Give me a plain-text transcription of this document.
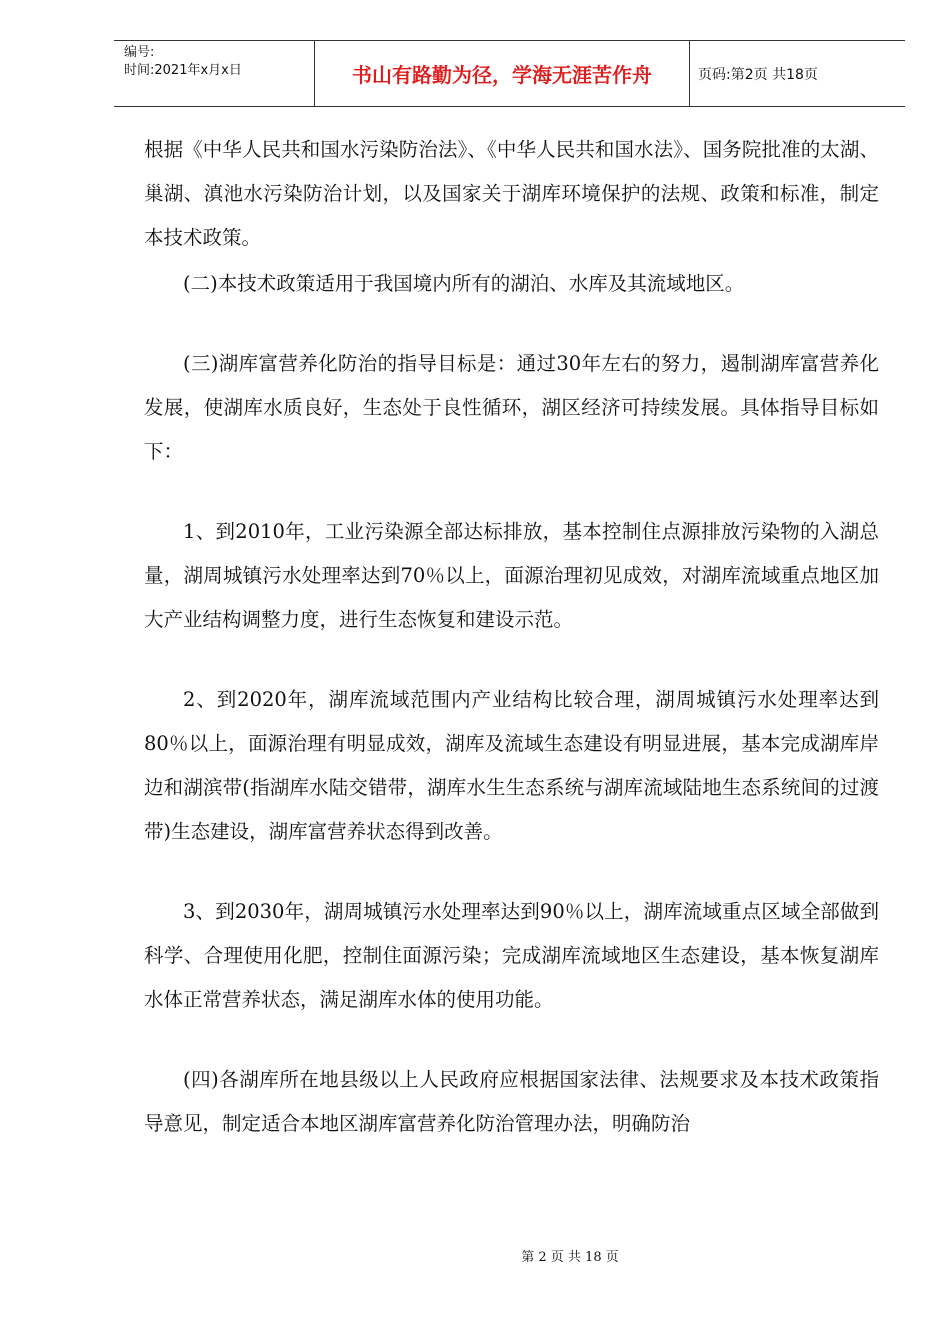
编号:
时间:2021年x月x日	书山有路勤为径，学海无涯苦作舟	页码:第2页 共18页

根据《中华人民共和国水污染防治法》、《中华人民共和国水法》、国务院批准的太湖、巢湖、滇池水污染防治计划，以及国家关于湖库环境保护的法规、政策和标准，制定本技术政策。

(二)本技术政策适用于我国境内所有的湖泊、水库及其流域地区。

(三)湖库富营养化防治的指导目标是：通过30年左右的努力，遏制湖库富营养化发展，使湖库水质良好，生态处于良性循环，湖区经济可持续发展。具体指导目标如下：

1、到2010年，工业污染源全部达标排放，基本控制住点源排放污染物的入湖总量，湖周城镇污水处理率达到70％以上，面源治理初见成效，对湖库流域重点地区加大产业结构调整力度，进行生态恢复和建设示范。

2、到2020年，湖库流域范围内产业结构比较合理，湖周城镇污水处理率达到80％以上，面源治理有明显成效，湖库及流域生态建设有明显进展，基本完成湖库岸边和湖滨带(指湖库水陆交错带，湖库水生生态系统与湖库流域陆地生态系统间的过渡带)生态建设，湖库富营养状态得到改善。

3、到2030年，湖周城镇污水处理率达到90％以上，湖库流域重点区域全部做到科学、合理使用化肥，控制住面源污染；完成湖库流域地区生态建设，基本恢复湖库水体正常营养状态，满足湖库水体的使用功能。

(四)各湖库所在地县级以上人民政府应根据国家法律、法规要求及本技术政策指导意见，制定适合本地区湖库富营养化防治管理办法，明确防治

第 2 页 共 18 页
